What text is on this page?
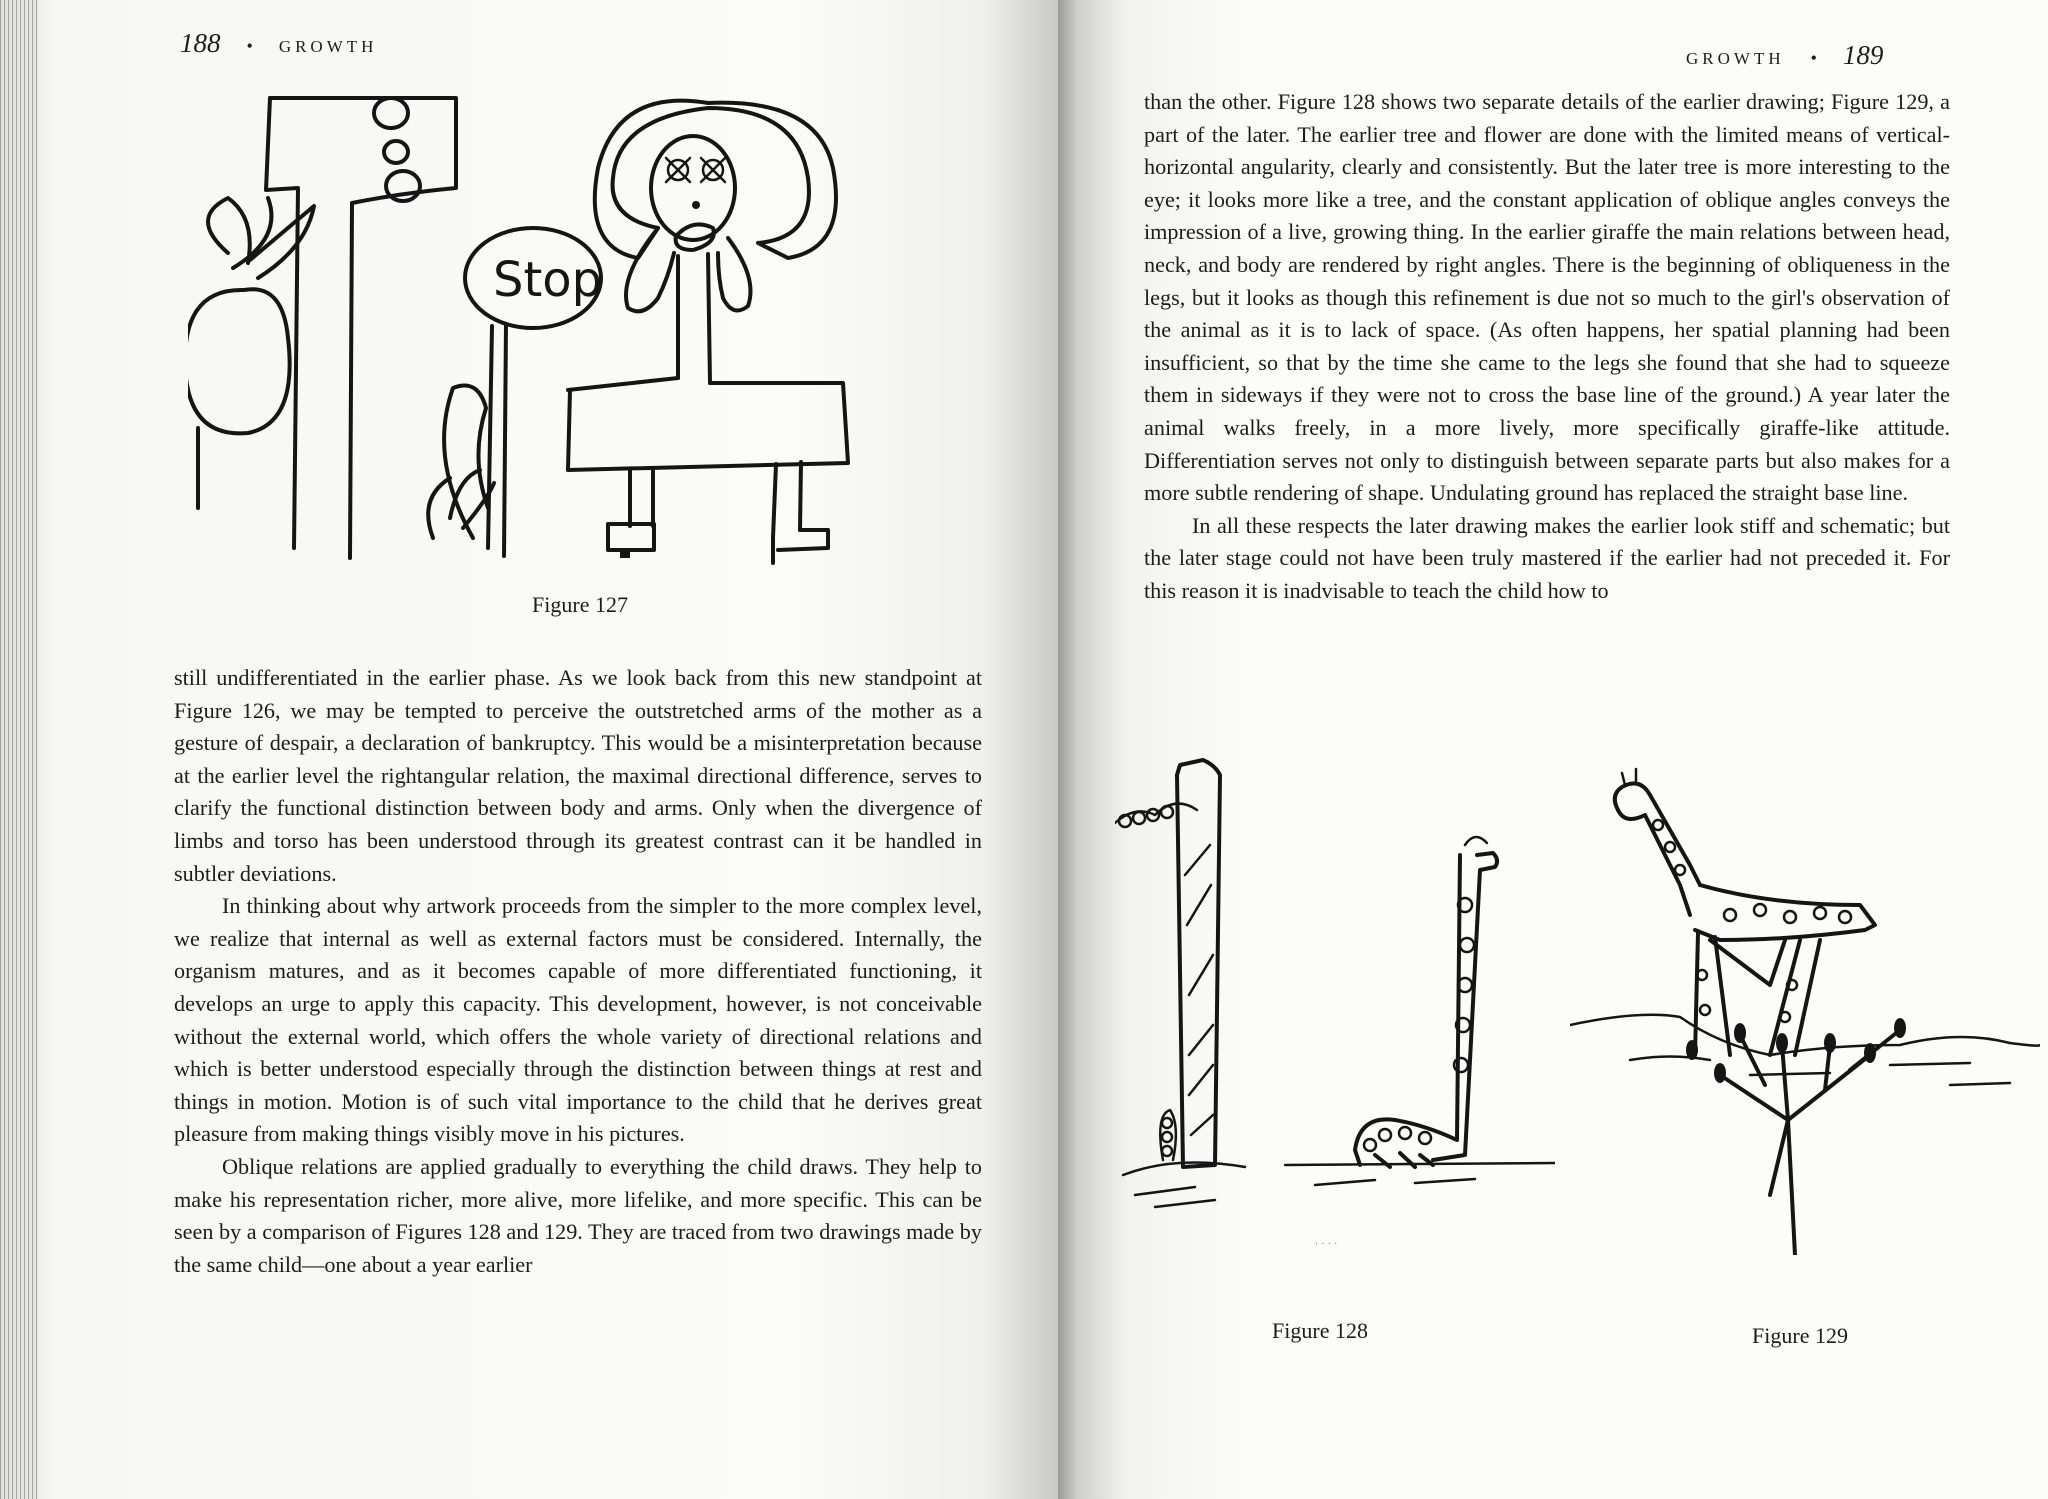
188 • GROWTH
Stop
Figure 127

still undifferentiated in the earlier phase. As we look back from this new standpoint at Figure 126, we may be tempted to perceive the outstretched arms of the mother as a gesture of despair, a declaration of bankruptcy. This would be a misinterpretation because at the earlier level the rightangular relation, the maximal directional difference, serves to clarify the functional distinction between body and arms. Only when the divergence of limbs and torso has been understood through its greatest contrast can it be handled in subtler deviations.

In thinking about why artwork proceeds from the simpler to the more complex level, we realize that internal as well as external factors must be considered. Internally, the organism matures, and as it becomes capable of more differentiated functioning, it develops an urge to apply this capacity. This development, however, is not conceivable without the external world, which offers the whole variety of directional relations and which is better understood especially through the distinction between things at rest and things in motion. Motion is of such vital importance to the child that he derives great pleasure from making things visibly move in his pictures.

Oblique relations are applied gradually to everything the child draws. They help to make his representation richer, more alive, more lifelike, and more specific. This can be seen by a comparison of Figures 128 and 129. They are traced from two drawings made by the same child—one about a year earlier

GROWTH • 189

than the other. Figure 128 shows two separate details of the earlier drawing; Figure 129, a part of the later. The earlier tree and flower are done with the limited means of vertical-horizontal angularity, clearly and consistently. But the later tree is more interesting to the eye; it looks more like a tree, and the constant application of oblique angles conveys the impression of a live, growing thing. In the earlier giraffe the main relations between head, neck, and body are rendered by right angles. There is the beginning of obliqueness in the legs, but it looks as though this refinement is due not so much to the girl's observation of the animal as it is to lack of space. (As often happens, her spatial planning had been insufficient, so that by the time she came to the legs she found that she had to squeeze them in sideways if they were not to cross the base line of the ground.) A year later the animal walks freely, in a more lively, more specifically giraffe-like attitude. Differentiation serves not only to distinguish between separate parts but also makes for a more subtle rendering of shape. Undulating ground has replaced the straight base line.

In all these respects the later drawing makes the earlier look stiff and schematic; but the later stage could not have been truly mastered if the earlier had not preceded it. For this reason it is inadvisable to teach the child how to

· · · ·
Figure 128	Figure 129
